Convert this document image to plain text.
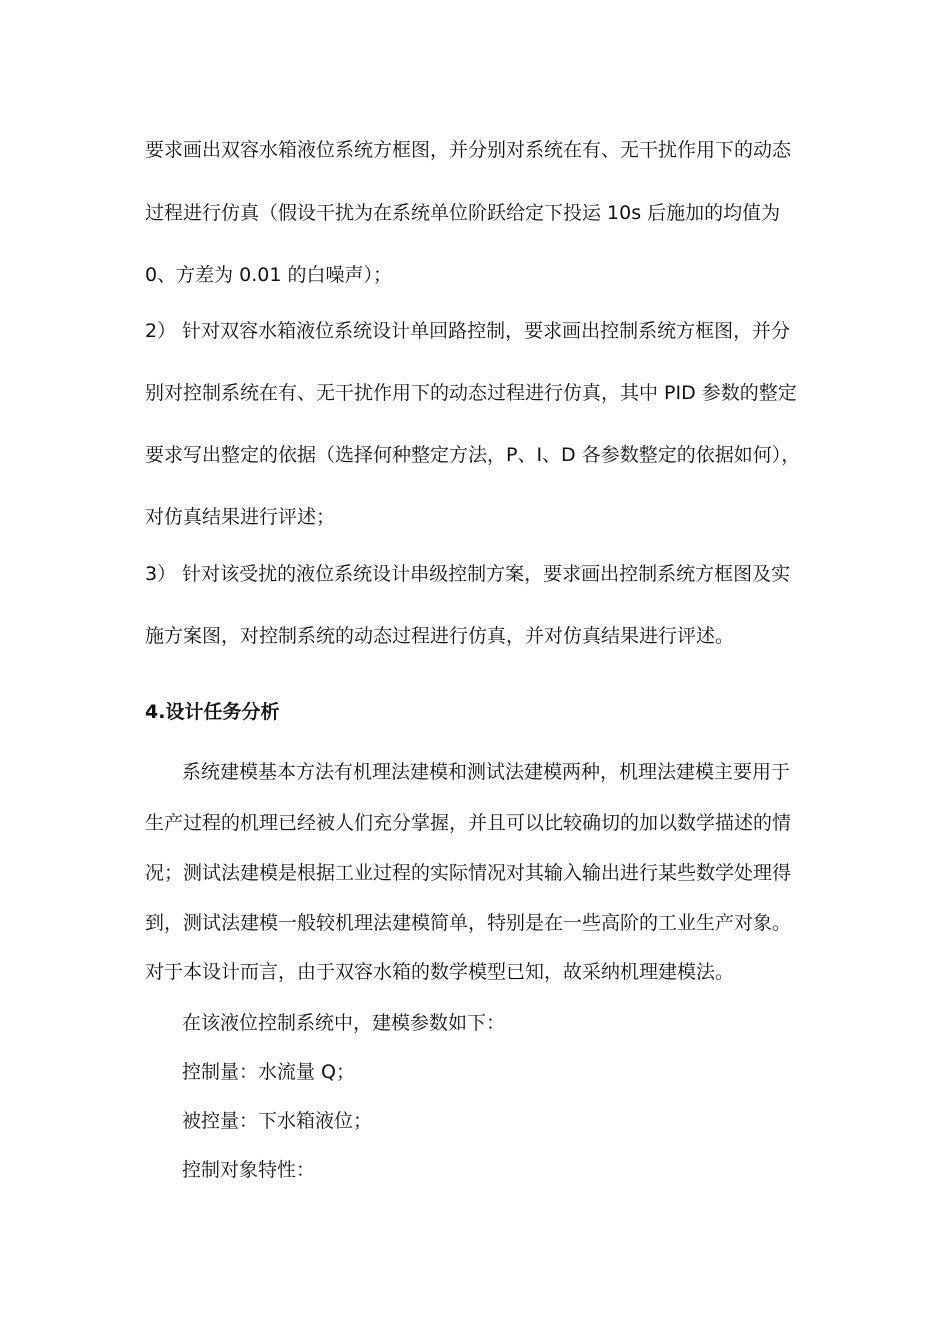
要求画出双容水箱液位系统方框图，并分别对系统在有、无干扰作用下的动态
过程进行仿真（假设干扰为在系统单位阶跃给定下投运 10s 后施加的均值为
0、方差为 0.01 的白噪声）；
2） 针对双容水箱液位系统设计单回路控制，要求画出控制系统方框图，并分
别对控制系统在有、无干扰作用下的动态过程进行仿真，其中 PID 参数的整定
要求写出整定的依据（选择何种整定方法，P、I、D 各参数整定的依据如何），
对仿真结果进行评述；
3） 针对该受扰的液位系统设计串级控制方案，要求画出控制系统方框图及实
施方案图，对控制系统的动态过程进行仿真，并对仿真结果进行评述。
4.设计任务分析
系统建模基本方法有机理法建模和测试法建模两种，机理法建模主要用于
生产过程的机理已经被人们充分掌握，并且可以比较确切的加以数学描述的情
况；测试法建模是根据工业过程的实际情况对其输入输出进行某些数学处理得
到，测试法建模一般较机理法建模简单，特别是在一些高阶的工业生产对象。
对于本设计而言，由于双容水箱的数学模型已知，故采纳机理建模法。
在该液位控制系统中，建模参数如下：
控制量：水流量 Q；
被控量：下水箱液位；
控制对象特性：
